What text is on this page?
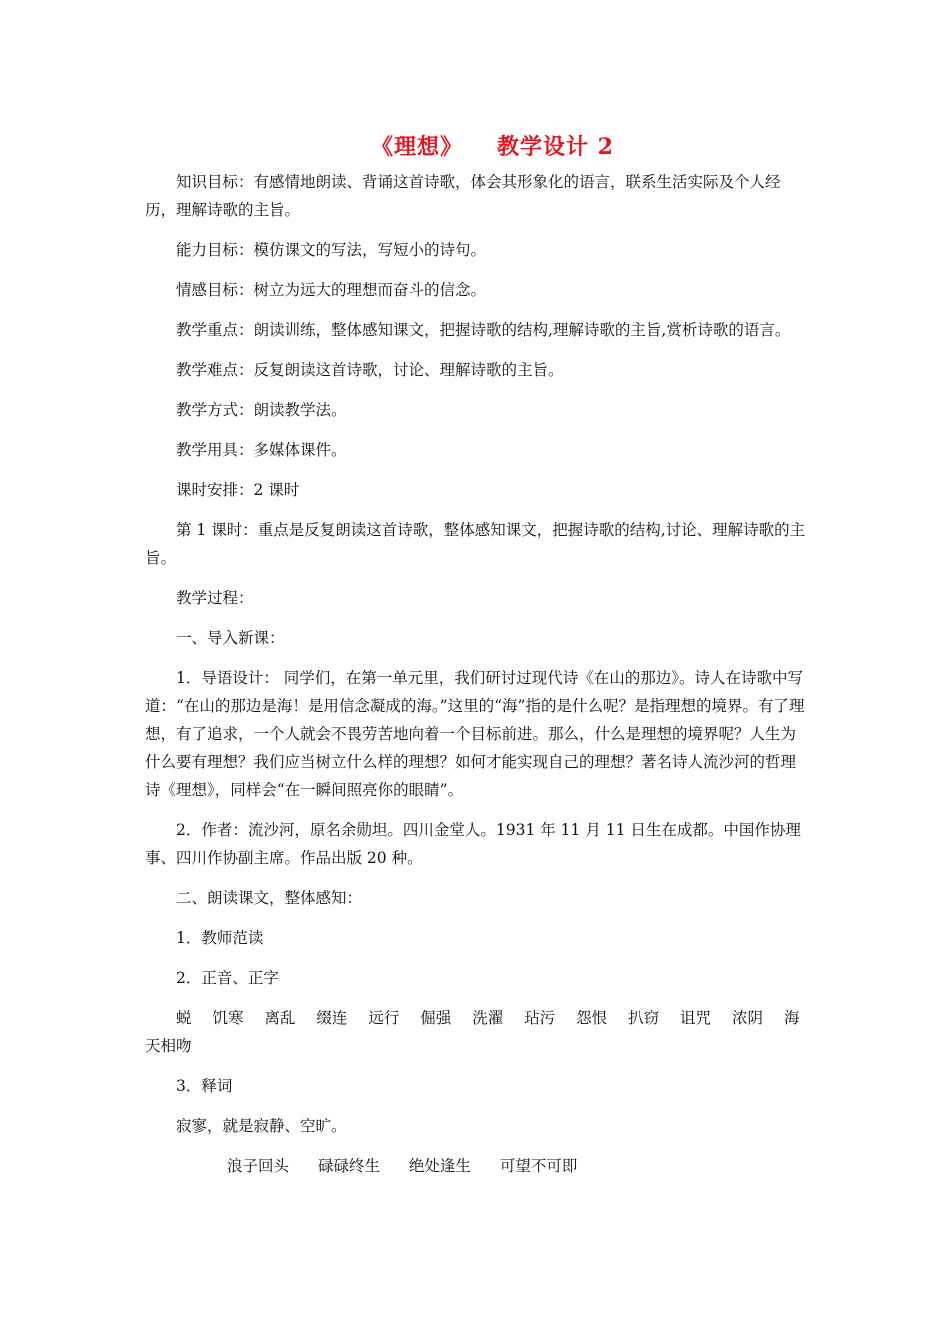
《理想》 教学设计 2

知识目标：有感情地朗读、背诵这首诗歌，体会其形象化的语言，联系生活实际及个人经历，理解诗歌的主旨。

能力目标：模仿课文的写法，写短小的诗句。

情感目标：树立为远大的理想而奋斗的信念。

教学重点：朗读训练，整体感知课文，把握诗歌的结构,理解诗歌的主旨,赏析诗歌的语言。

教学难点：反复朗读这首诗歌，讨论、理解诗歌的主旨。

教学方式：朗读教学法。

教学用具：多媒体课件。

课时安排：2 课时

第 1 课时：重点是反复朗读这首诗歌，整体感知课文，把握诗歌的结构,讨论、理解诗歌的主旨。

教学过程：

一、导入新课：

1．导语设计： 同学们，在第一单元里，我们研讨过现代诗《在山的那边》。诗人在诗歌中写道：“在山的那边是海！是用信念凝成的海。”这里的“海”指的是什么呢？是指理想的境界。有了理想，有了追求，一个人就会不畏劳苦地向着一个目标前进。那么，什么是理想的境界呢？人生为什么要有理想？我们应当树立什么样的理想？如何才能实现自己的理想？著名诗人流沙河的哲理诗《理想》，同样会“在一瞬间照亮你的眼睛”。

2．作者：流沙河，原名余勋坦。四川金堂人。1931 年 11 月 11 日生在成都。中国作协理事、四川作协副主席。作品出版 20 种。

二、朗读课文，整体感知：

1．教师范读

2．正音、正字

蜕 饥寒 离乱 缀连 远行 倔强 洗濯 玷污 怨恨 扒窃 诅咒 浓阴 海天相吻

3．释词

寂寥，就是寂静、空旷。

浪子回头 碌碌终生 绝处逢生 可望不可即
